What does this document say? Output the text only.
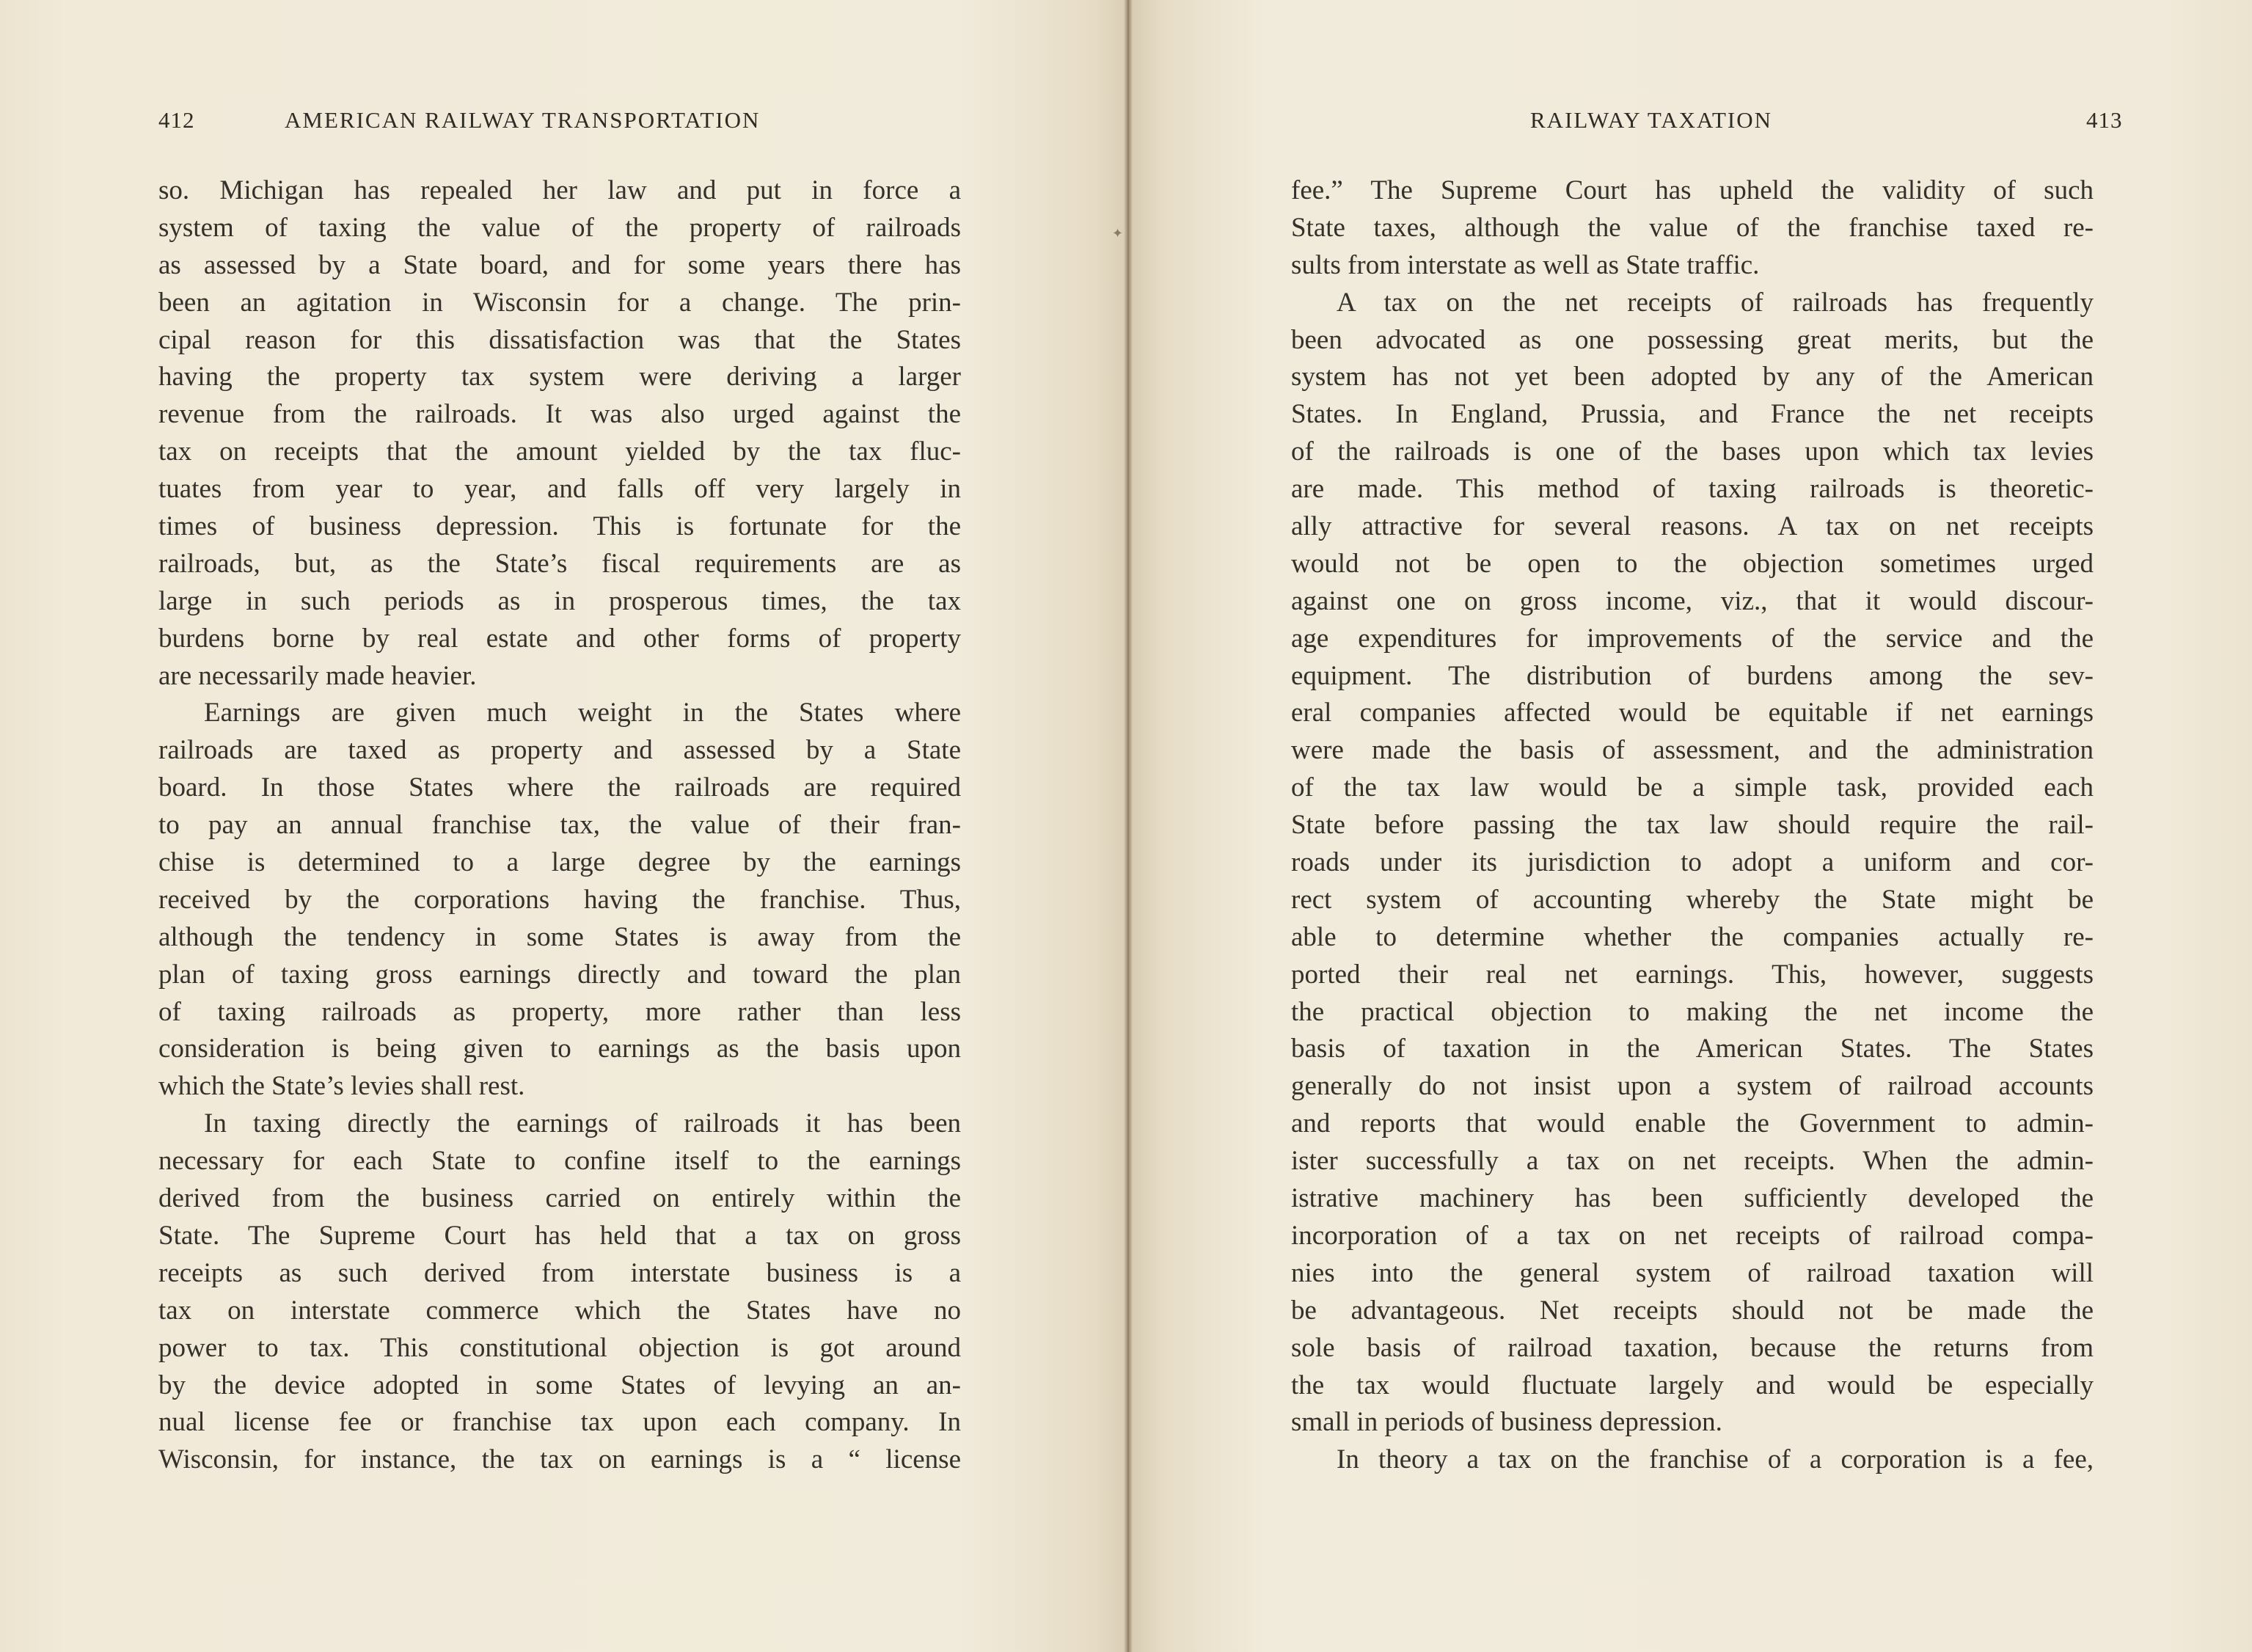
412	AMERICAN RAILWAY TRANSPORTATION
so. Michigan has repealed her law and put in force a
system of taxing the value of the property of railroads
as assessed by a State board, and for some years there has
been an agitation in Wisconsin for a change. The prin-
cipal reason for this dissatisfaction was that the States
having the property tax system were deriving a larger
revenue from the railroads. It was also urged against the
tax on receipts that the amount yielded by the tax fluc-
tuates from year to year, and falls off very largely in
times of business depression. This is fortunate for the
railroads, but, as the State’s fiscal requirements are as
large in such periods as in prosperous times, the tax
burdens borne by real estate and other forms of property
are necessarily made heavier.
Earnings are given much weight in the States where
railroads are taxed as property and assessed by a State
board. In those States where the railroads are required
to pay an annual franchise tax, the value of their fran-
chise is determined to a large degree by the earnings
received by the corporations having the franchise. Thus,
although the tendency in some States is away from the
plan of taxing gross earnings directly and toward the plan
of taxing railroads as property, more rather than less
consideration is being given to earnings as the basis upon
which the State’s levies shall rest.
In taxing directly the earnings of railroads it has been
necessary for each State to confine itself to the earnings
derived from the business carried on entirely within the
State. The Supreme Court has held that a tax on gross
receipts as such derived from interstate business is a
tax on interstate commerce which the States have no
power to tax. This constitutional objection is got around
by the device adopted in some States of levying an an-
nual license fee or franchise tax upon each company. In
Wisconsin, for instance, the tax on earnings is a “ license
RAILWAY TAXATION	413
fee.” The Supreme Court has upheld the validity of such
State taxes, although the value of the franchise taxed re-
sults from interstate as well as State traffic.
A tax on the net receipts of railroads has frequently
been advocated as one possessing great merits, but the
system has not yet been adopted by any of the American
States. In England, Prussia, and France the net receipts
of the railroads is one of the bases upon which tax levies
are made. This method of taxing railroads is theoretic-
ally attractive for several reasons. A tax on net receipts
would not be open to the objection sometimes urged
against one on gross income, viz., that it would discour-
age expenditures for improvements of the service and the
equipment. The distribution of burdens among the sev-
eral companies affected would be equitable if net earnings
were made the basis of assessment, and the administration
of the tax law would be a simple task, provided each
State before passing the tax law should require the rail-
roads under its jurisdiction to adopt a uniform and cor-
rect system of accounting whereby the State might be
able to determine whether the companies actually re-
ported their real net earnings. This, however, suggests
the practical objection to making the net income the
basis of taxation in the American States. The States
generally do not insist upon a system of railroad accounts
and reports that would enable the Government to admin-
ister successfully a tax on net receipts. When the admin-
istrative machinery has been sufficiently developed the
incorporation of a tax on net receipts of railroad compa-
nies into the general system of railroad taxation will
be advantageous. Net receipts should not be made the
sole basis of railroad taxation, because the returns from
the tax would fluctuate largely and would be especially
small in periods of business depression.
In theory a tax on the franchise of a corporation is a fee,
✦
